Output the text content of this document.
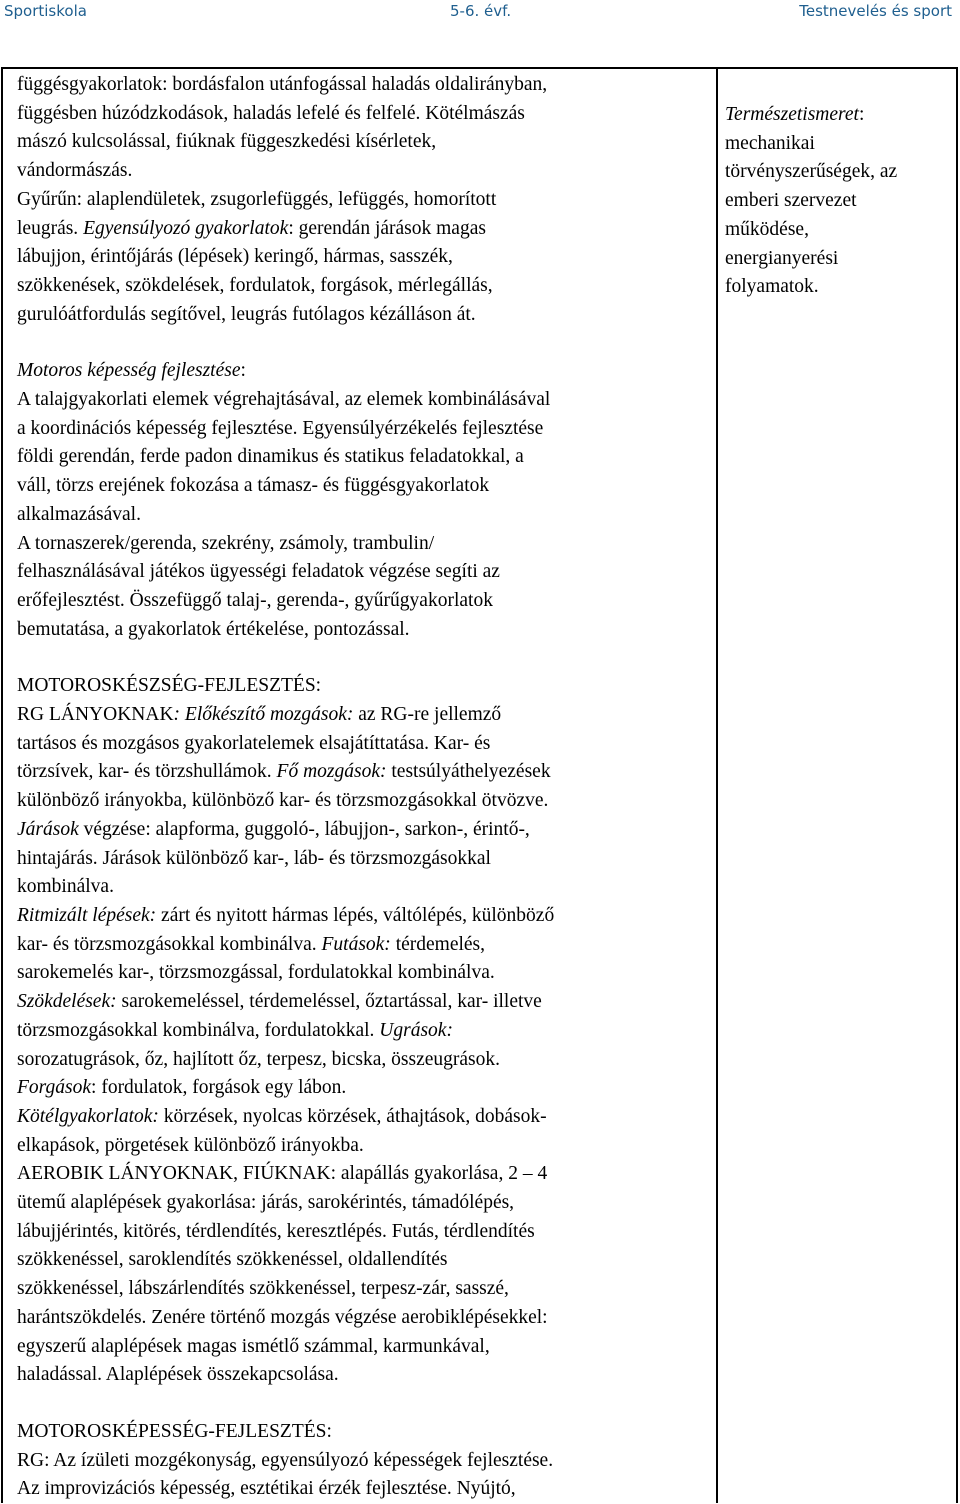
Sportiskola	5-6. évf.	Testnevelés és sport

függésgyakorlatok: bordásfalon utánfogással haladás oldalirányban,
függésben húzódzkodások, haladás lefelé és felfelé. Kötélmászás
mászó kulcsolással, fiúknak függeszkedési kísérletek,
vándormászás.
Gyűrűn: alaplendületek, zsugorlefüggés, lefüggés, homorított
leugrás. Egyensúlyozó gyakorlatok: gerendán járások magas
lábujjon, érintőjárás (lépések) keringő, hármas, sasszék,
szökkenések, szökdelések, fordulatok, forgások, mérlegállás,
gurulóátfordulás segítővel, leugrás futólagos kézálláson át.

Motoros képesség fejlesztése:
A talajgyakorlati elemek végrehajtásával, az elemek kombinálásával
a koordinációs képesség fejlesztése. Egyensúlyérzékelés fejlesztése
földi gerendán, ferde padon dinamikus és statikus feladatokkal, a
váll, törzs erejének fokozása a támasz- és függésgyakorlatok
alkalmazásával.
A tornaszerek/gerenda, szekrény, zsámoly, trambulin/
felhasználásával játékos ügyességi feladatok végzése segíti az
erőfejlesztést. Összefüggő talaj-, gerenda-, gyűrűgyakorlatok
bemutatása, a gyakorlatok értékelése, pontozással.

MOTOROSKÉSZSÉG-FEJLESZTÉS:
RG LÁNYOKNAK: Előkészítő mozgások: az RG-re jellemző
tartásos és mozgásos gyakorlatelemek elsajátíttatása. Kar- és
törzsívek, kar- és törzshullámok. Fő mozgások: testsúlyáthelyezések
különböző irányokba, különböző kar- és törzsmozgásokkal ötvözve.
Járások végzése: alapforma, guggoló-, lábujjon-, sarkon-, érintő-,
hintajárás. Járások különböző kar-, láb- és törzsmozgásokkal
kombinálva.
Ritmizált lépések: zárt és nyitott hármas lépés, váltólépés, különböző
kar- és törzsmozgásokkal kombinálva. Futások: térdemelés,
sarokemelés kar-, törzsmozgással, fordulatokkal kombinálva.
Szökdelések: sarokemeléssel, térdemeléssel, őztartással, kar- illetve
törzsmozgásokkal kombinálva, fordulatokkal. Ugrások:
sorozatugrások, őz, hajlított őz, terpesz, bicska, összeugrások.
Forgások: fordulatok, forgások egy lábon.
Kötélgyakorlatok: körzések, nyolcas körzések, áthajtások, dobások-
elkapások, pörgetések különböző irányokba.
AEROBIK LÁNYOKNAK, FIÚKNAK: alapállás gyakorlása, 2 – 4
ütemű alaplépések gyakorlása: járás, sarokérintés, támadólépés,
lábujjérintés, kitörés, térdlendítés, keresztlépés. Futás, térdlendítés
szökkenéssel, saroklendítés szökkenéssel, oldallendítés
szökkenéssel, lábszárlendítés szökkenéssel, terpesz-zár, sasszé,
harántszökdelés. Zenére történő mozgás végzése aerobiklépésekkel:
egyszerű alaplépések magas ismétlő számmal, karmunkával,
haladással. Alaplépések összekapcsolása.

MOTOROSKÉPESSÉG-FEJLESZTÉS:
RG: Az ízületi mozgékonyság, egyensúlyozó képességek fejlesztése.
Az improvizációs képesség, esztétikai érzék fejlesztése. Nyújtó,

Természetismeret:
mechanikai
törvényszerűségek, az
emberi szervezet
működése,
energianyerési
folyamatok.
